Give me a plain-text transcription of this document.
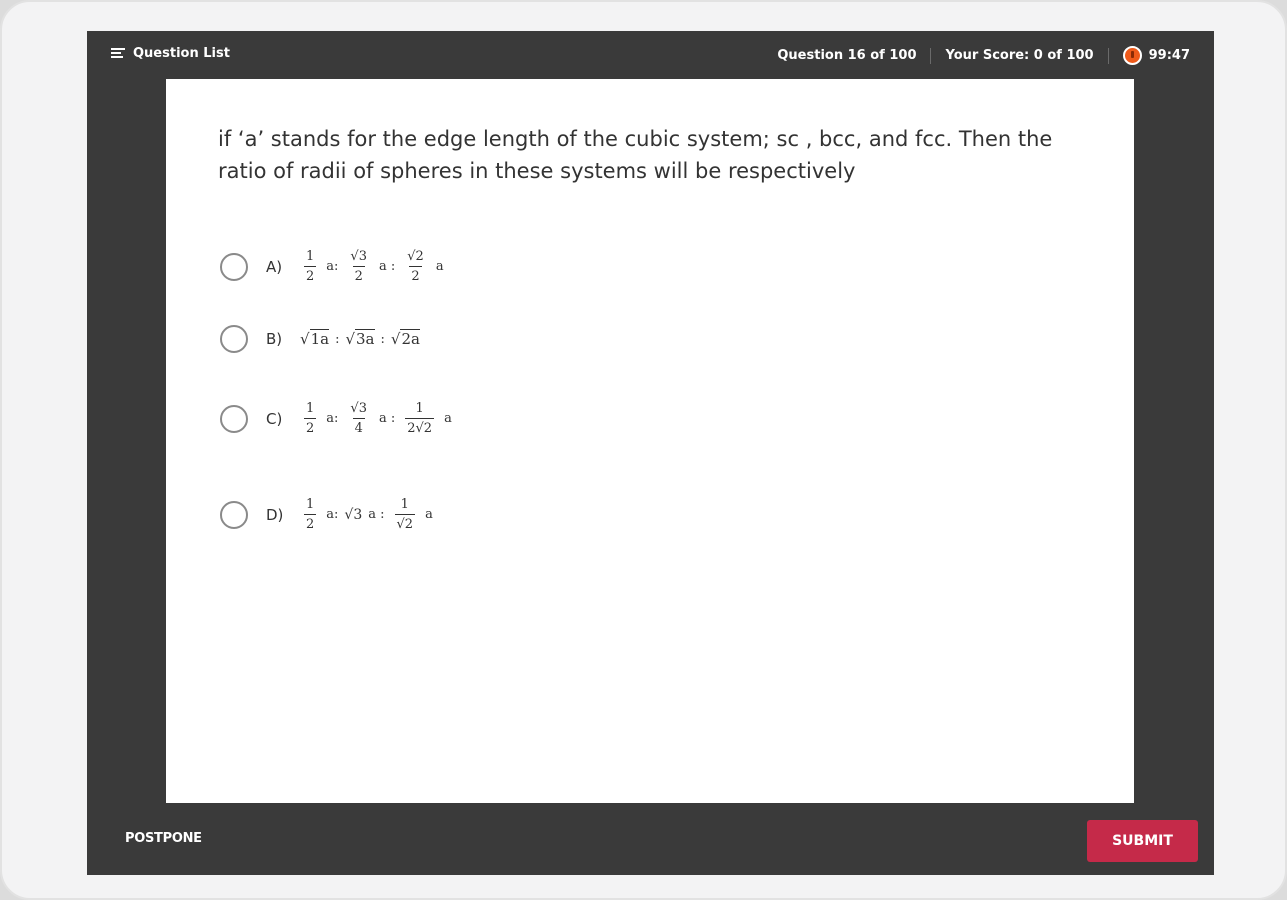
Question List	Question 16 of 100 Your Score: 0 of 100	99:47
if ‘a’ stands for the edge length of the cubic system; sc , bcc, and fcc. Then the ratio of radii of spheres in these systems will be respectively
A)	$\frac{1}{2} a$: $\frac{√3}{2}$ a : $\frac{√2}{2}$ a
B)	√1a : √3a : √2a
C)	$\frac{1}{2} a$: $\frac{√3}{4}$ a : $\frac{1}{2√2}$ a
D)	$\frac{1}{2} a$: √3 a : $\frac{1}{√2}$ a
POSTPONE	SUBMIT
